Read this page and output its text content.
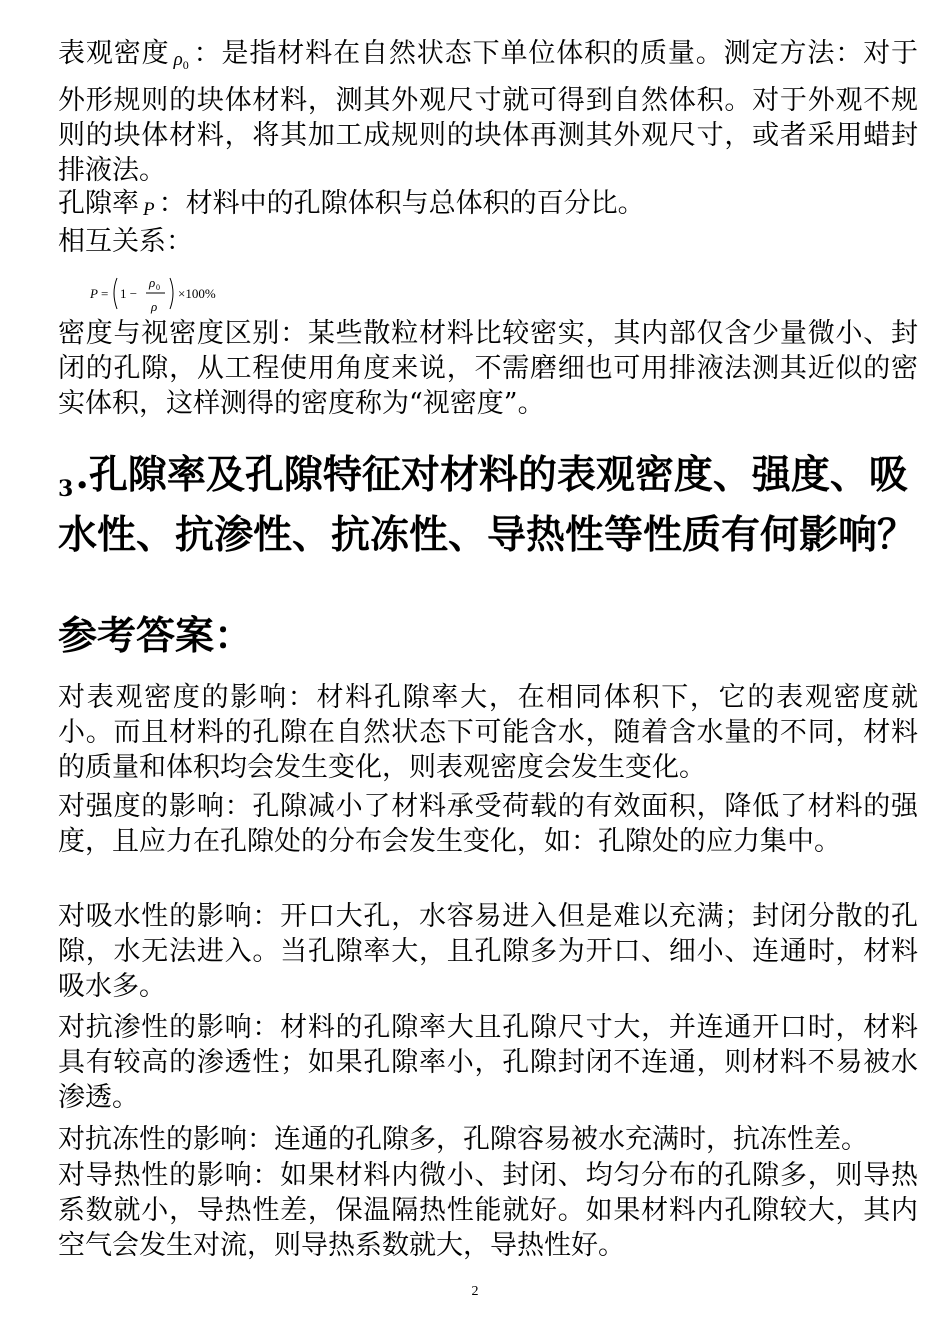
表观密度 $\rho_0$ ：是指材料在自然状态下单位体积的质量。测定方法：对于外形规则的块体材料，测其外观尺寸就可得到自然体积。对于外观不规则的块体材料，将其加工成规则的块体再测其外观尺寸，或者采用蜡封排液法。

孔隙率 P ：材料中的孔隙体积与总体积的百分比。

相互关系：

P = 1 −
ρ 0
ρ
×100%

密度与视密度区别：某些散粒材料比较密实，其内部仅含少量微小、封闭的孔隙，从工程使用角度来说，不需磨细也可用排液法测其近似的密实体积，这样测得的密度称为“视密度”。

$_3$.孔隙率及孔隙特征对材料的表观密度、强度、吸水性、抗渗性、抗冻性、导热性等性质有何影响？
参考答案：

对表观密度的影响：材料孔隙率大，在相同体积下，它的表观密度就小。而且材料的孔隙在自然状态下可能含水，随着含水量的不同，材料的质量和体积均会发生变化，则表观密度会发生变化。

对强度的影响：孔隙减小了材料承受荷载的有效面积，降低了材料的强度，且应力在孔隙处的分布会发生变化，如：孔隙处的应力集中。

对吸水性的影响：开口大孔，水容易进入但是难以充满；封闭分散的孔隙，水无法进入。当孔隙率大，且孔隙多为开口、细小、连通时，材料吸水多。

对抗渗性的影响：材料的孔隙率大且孔隙尺寸大，并连通开口时，材料具有较高的渗透性；如果孔隙率小，孔隙封闭不连通，则材料不易被水渗透。

对抗冻性的影响：连通的孔隙多，孔隙容易被水充满时，抗冻性差。

对导热性的影响：如果材料内微小、封闭、均匀分布的孔隙多，则导热系数就小，导热性差，保温隔热性能就好。如果材料内孔隙较大，其内空气会发生对流，则导热系数就大，导热性好。

2
